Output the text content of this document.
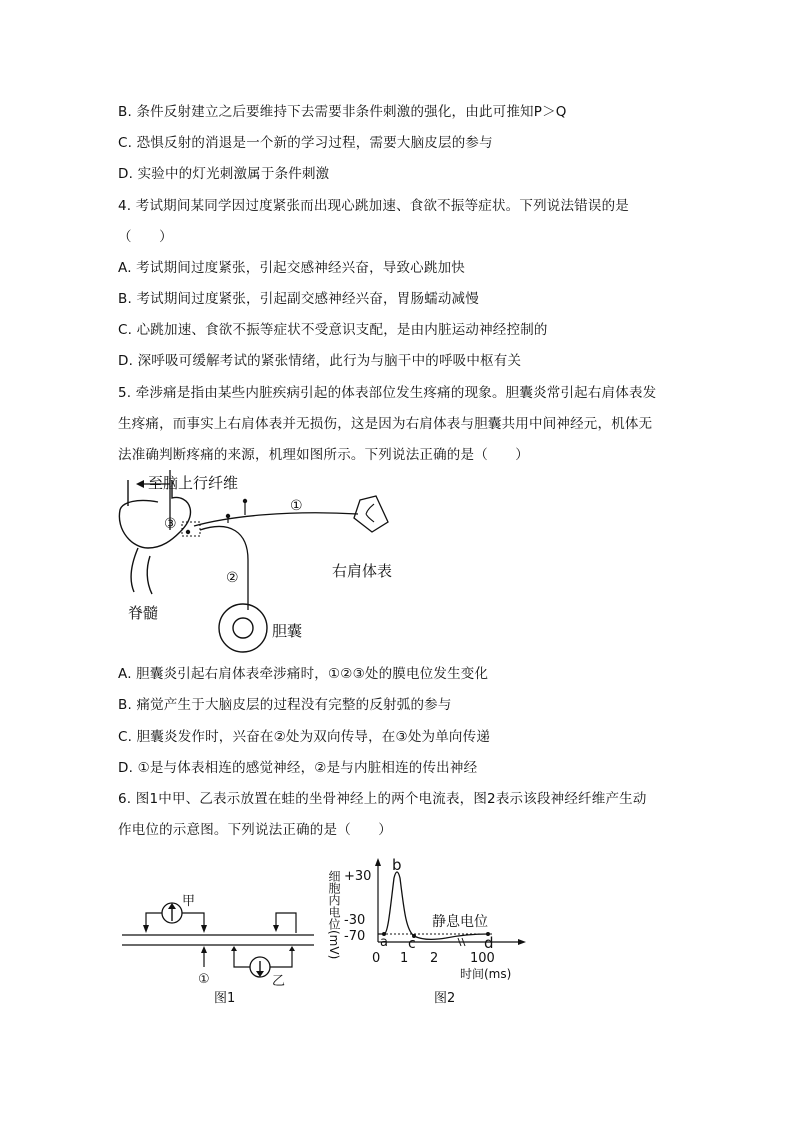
B. 条件反射建立之后要维持下去需要非条件刺激的强化，由此可推知P＞Q
C. 恐惧反射的消退是一个新的学习过程，需要大脑皮层的参与
D. 实验中的灯光刺激属于条件刺激
4. 考试期间某同学因过度紧张而出现心跳加速、食欲不振等症状。下列说法错误的是
（　　）
A. 考试期间过度紧张，引起交感神经兴奋，导致心跳加快
B. 考试期间过度紧张，引起副交感神经兴奋，胃肠蠕动减慢
C. 心跳加速、食欲不振等症状不受意识支配，是由内脏运动神经控制的
D. 深呼吸可缓解考试的紧张情绪，此行为与脑干中的呼吸中枢有关
5. 牵涉痛是指由某些内脏疾病引起的体表部位发生疼痛的现象。胆囊炎常引起右肩体表发
生疼痛，而事实上右肩体表并无损伤，这是因为右肩体表与胆囊共用中间神经元，机体无
法准确判断疼痛的来源，机理如图所示。下列说法正确的是（　　）
A. 胆囊炎引起右肩体表牵涉痛时，①②③处的膜电位发生变化
B. 痛觉产生于大脑皮层的过程没有完整的反射弧的参与
C. 胆囊炎发作时，兴奋在②处为双向传导，在③处为单向传递
D. ①是与体表相连的感觉神经，②是与内脏相连的传出神经
6. 图1中甲、乙表示放置在蛙的坐骨神经上的两个电流表，图2表示该段神经纤维产生动
作电位的示意图。下列说法正确的是（　　）
至脑上行纤维
③
①
右肩体表
②
胆囊
脊髓
甲
①	乙
图1
细胞内电位(mV) +30
-30
-70 a
b
c	d
静息电位
0 1 2 100
时间(ms)
图2
